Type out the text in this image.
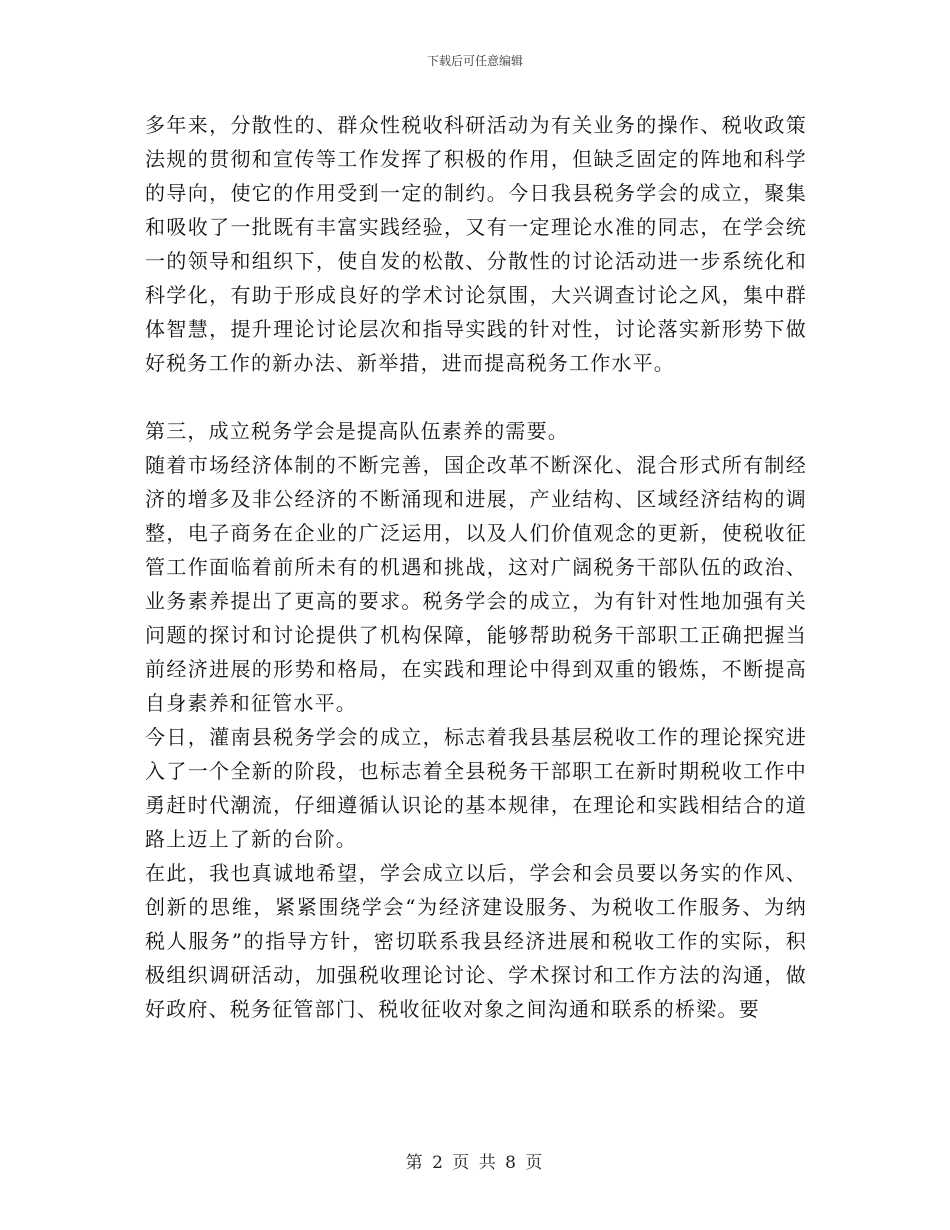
下载后可任意编辑

多年来，分散性的、群众性税收科研活动为有关业务的操作、税收政策法规的贯彻和宣传等工作发挥了积极的作用，但缺乏固定的阵地和科学的导向，使它的作用受到一定的制约。今日我县税务学会的成立，聚集和吸收了一批既有丰富实践经验，又有一定理论水准的同志，在学会统一的领导和组织下，使自发的松散、分散性的讨论活动进一步系统化和科学化，有助于形成良好的学术讨论氛围，大兴调查讨论之风，集中群体智慧，提升理论讨论层次和指导实践的针对性，讨论落实新形势下做好税务工作的新办法、新举措，进而提高税务工作水平。

第三，成立税务学会是提高队伍素养的需要。

随着市场经济体制的不断完善，国企改革不断深化、混合形式所有制经济的增多及非公经济的不断涌现和进展，产业结构、区域经济结构的调整，电子商务在企业的广泛运用，以及人们价值观念的更新，使税收征管工作面临着前所未有的机遇和挑战，这对广阔税务干部队伍的政治、业务素养提出了更高的要求。税务学会的成立，为有针对性地加强有关问题的探讨和讨论提供了机构保障，能够帮助税务干部职工正确把握当前经济进展的形势和格局，在实践和理论中得到双重的锻炼，不断提高自身素养和征管水平。

今日，灌南县税务学会的成立，标志着我县基层税收工作的理论探究进入了一个全新的阶段，也标志着全县税务干部职工在新时期税收工作中勇赶时代潮流，仔细遵循认识论的基本规律，在理论和实践相结合的道路上迈上了新的台阶。

在此，我也真诚地希望，学会成立以后，学会和会员要以务实的作风、创新的思维，紧紧围绕学会“为经济建设服务、为税收工作服务、为纳税人服务”的指导方针，密切联系我县经济进展和税收工作的实际，积极组织调研活动，加强税收理论讨论、学术探讨和工作方法的沟通，做好政府、税务征管部门、税收征收对象之间沟通和联系的桥梁。要

第 2 页 共 8 页
